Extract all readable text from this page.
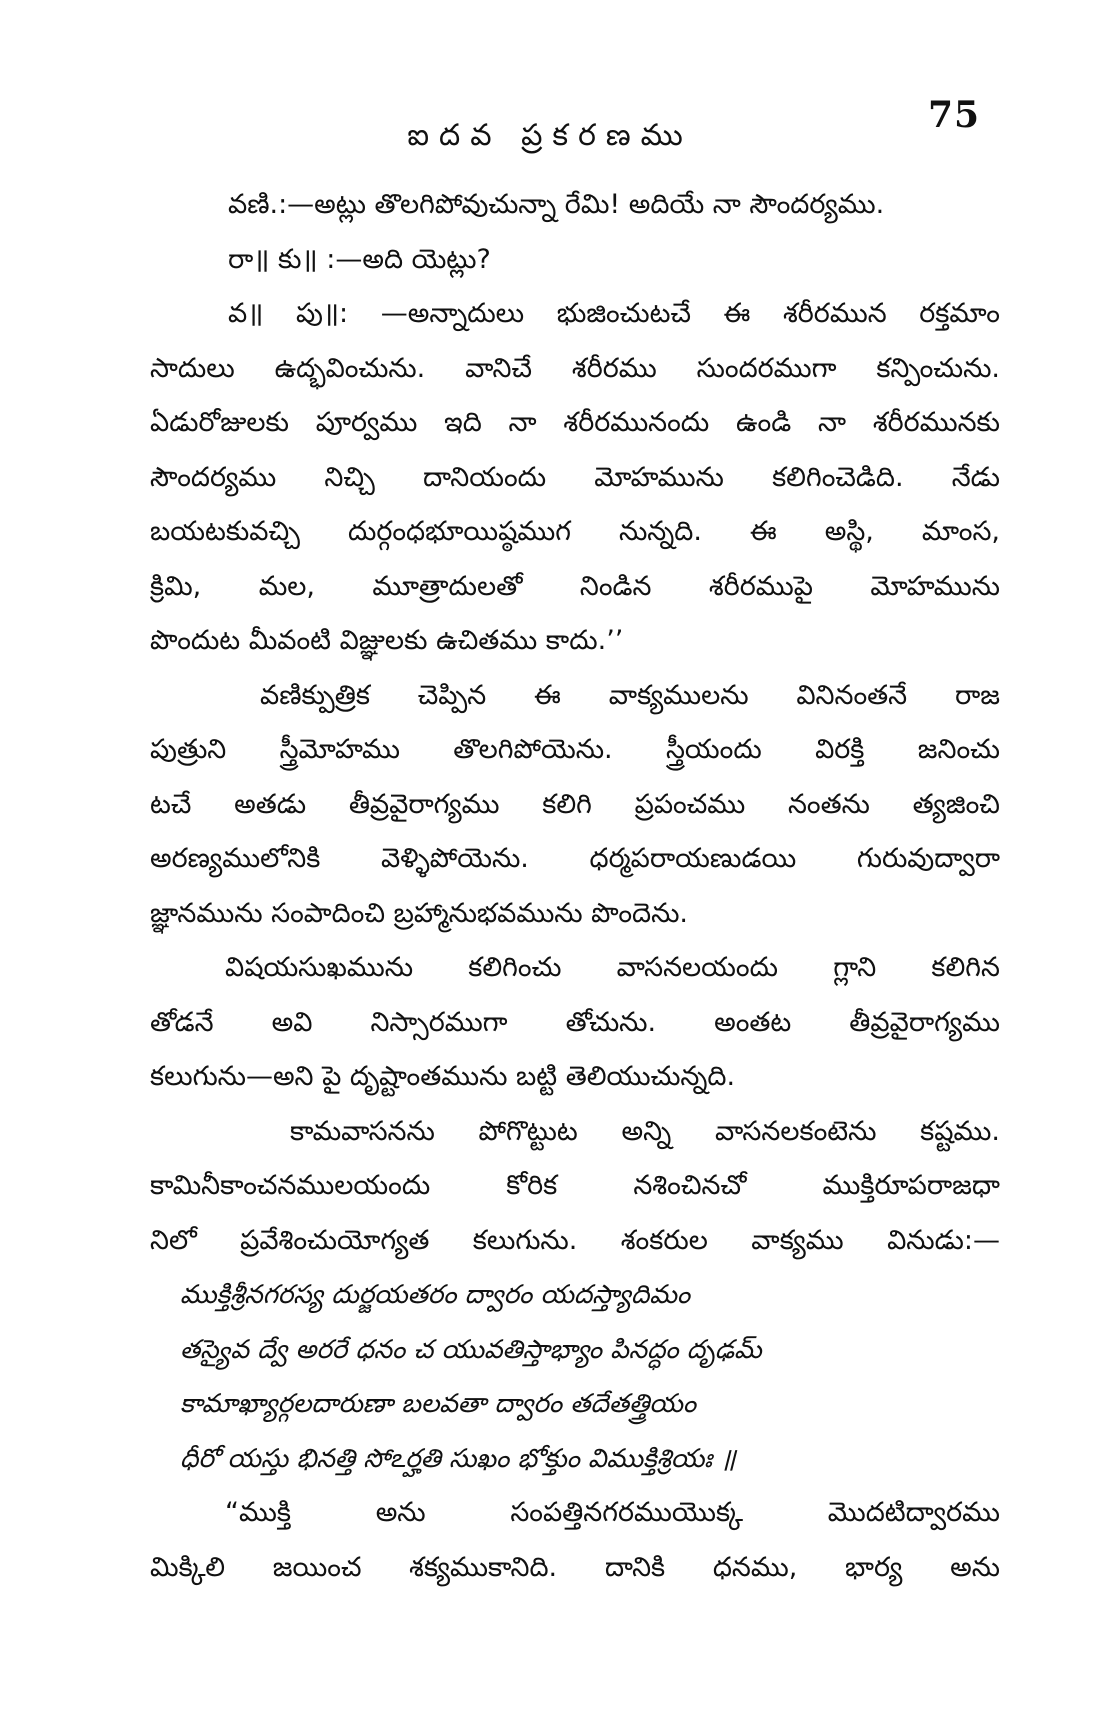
75
ఐదవ ప్రకరణము
వణి.:—అట్లు తొలగిపోవుచున్నా రేమి! అదియే నా సౌందర్యము.
రా॥ కు॥ :—అది యెట్లు?
వ॥ పు॥: —అన్నాదులు భుజించుటచే ఈ శరీరమున రక్తమాం
సాదులు ఉద్భవించును. వానిచే శరీరము సుందరముగా కన్పించును.
ఏడురోజులకు పూర్వము ఇది నా శరీరమునందు ఉండి నా శరీరమునకు
సౌందర్యము నిచ్చి దానియందు మోహమును కలిగించెడిది. నేడు
బయటకువచ్చి దుర్గంధభూయిష్ఠముగ నున్నది. ఈ అస్థి, మాంస,
క్రిమి, మల, మూత్రాదులతో నిండిన శరీరముపై మోహమును
పొందుట మీవంటి విజ్ఞులకు ఉచితము కాదు.’’
వణిక్పుత్రిక చెప్పిన ఈ వాక్యములను వినినంతనే రాజ
పుత్రుని స్త్రీమోహము తొలగిపోయెను. స్త్రీయందు విరక్తి జనించు
టచే అతడు తీవ్రవైరాగ్యము కలిగి ప్రపంచము నంతను త్యజించి
అరణ్యములోనికి వెళ్ళిపోయెను. ధర్మపరాయణుడయి గురువుద్వారా
జ్ఞానమును సంపాదించి బ్రహ్మానుభవమును పొందెను.
విషయసుఖమును కలిగించు వాసనలయందు గ్లాని కలిగిన
తోడనే అవి నిస్సారముగా తోచును. అంతట తీవ్రవైరాగ్యము
కలుగును—అని పై దృష్టాంతమును బట్టి తెలియుచున్నది.
కామవాసనను పోగొట్టుట అన్ని వాసనలకంటెను కష్టము.
కామినీకాంచనములయందు కోరిక నశించినచో ముక్తిరూపరాజధా
నిలో ప్రవేశించుయోగ్యత కలుగును. శంకరుల వాక్యము వినుడు:—
ముక్తిశ్రీనగరస్య దుర్జయతరం ద్వారం యదస్త్యాదిమం
తస్యైవ ద్వే అరరే ధనం చ యువతిస్తాభ్యాం పినద్ధం దృఢమ్
కామాఖ్యార్గలదారుణా బలవతా ద్వారం తదేతత్త్రియం
ధీరో యస్తు భినత్తి సోఽర్హతి సుఖం భోక్తుం విముక్తిశ్రియః ॥
“ముక్తి అను సంపత్తినగరముయొక్క మొదటిద్వారము
మిక్కిలి జయించ శక్యముకానిది. దానికి ధనము, భార్య అను
